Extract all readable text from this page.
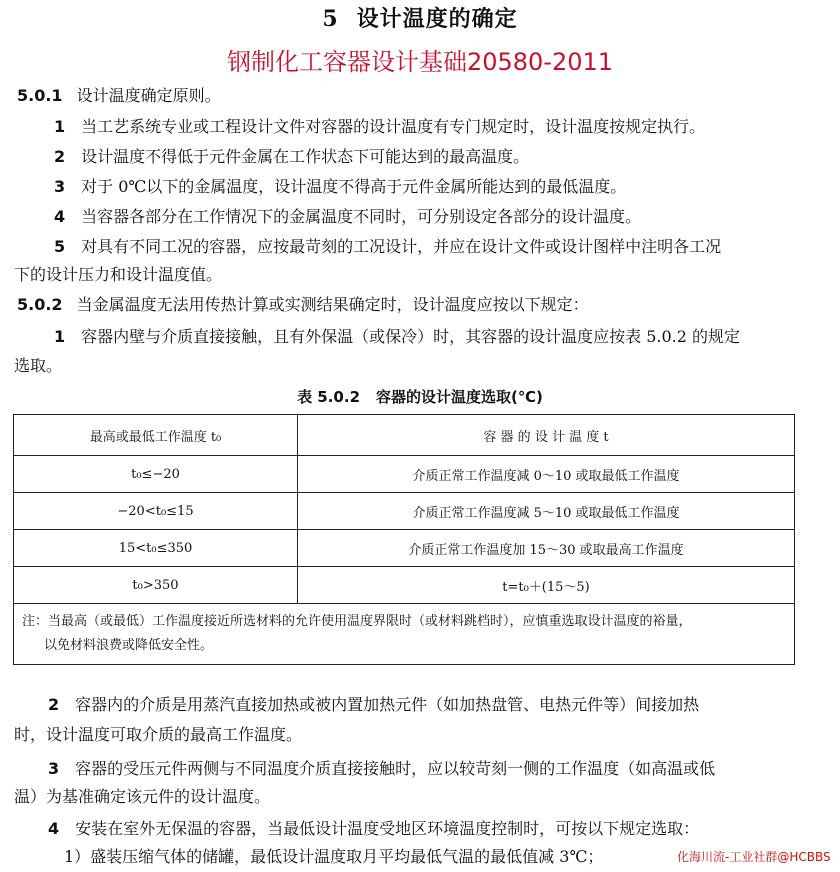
5 设计温度的确定
钢制化工容器设计基础20580-2011
5.0.1 设计温度确定原则。
1 当工艺系统专业或工程设计文件对容器的设计温度有专门规定时，设计温度按规定执行。
2 设计温度不得低于元件金属在工作状态下可能达到的最高温度。
3 对于 0℃以下的金属温度，设计温度不得高于元件金属所能达到的最低温度。
4 当容器各部分在工作情况下的金属温度不同时，可分别设定各部分的设计温度。
5 对具有不同工况的容器，应按最苛刻的工况设计，并应在设计文件或设计图样中注明各工况
下的设计压力和设计温度值。
5.0.2 当金属温度无法用传热计算或实测结果确定时，设计温度应按以下规定：
1 容器内壁与介质直接接触，且有外保温（或保冷）时，其容器的设计温度应按表 5.0.2 的规定
选取。
表 5.0.2 容器的设计温度选取(℃)
最高或最低工作温度 t₀	容 器 的 设 计 温 度 t
t₀≤−20	介质正常工作温度减 0～10 或取最低工作温度
−20<t₀≤15	介质正常工作温度减 5～10 或取最低工作温度
15<t₀≤350	介质正常工作温度加 15～30 或取最高工作温度
t₀>350	t=t₀＋(15～5)

注：当最高（或最低）工作温度接近所选材料的允许使用温度界限时（或材料跳档时），应慎重选取设计温度的裕量，
以免材料浪费或降低安全性。	
2 容器内的介质是用蒸汽直接加热或被内置加热元件（如加热盘管、电热元件等）间接加热
时，设计温度可取介质的最高工作温度。
3 容器的受压元件两侧与不同温度介质直接接触时，应以较苛刻一侧的工作温度（如高温或低
温）为基准确定该元件的设计温度。
4 安装在室外无保温的容器，当最低设计温度受地区环境温度控制时，可按以下规定选取：
1）盛装压缩气体的储罐，最低设计温度取月平均最低气温的最低值减 3℃；	化海川流-工业社群@HCBBS
